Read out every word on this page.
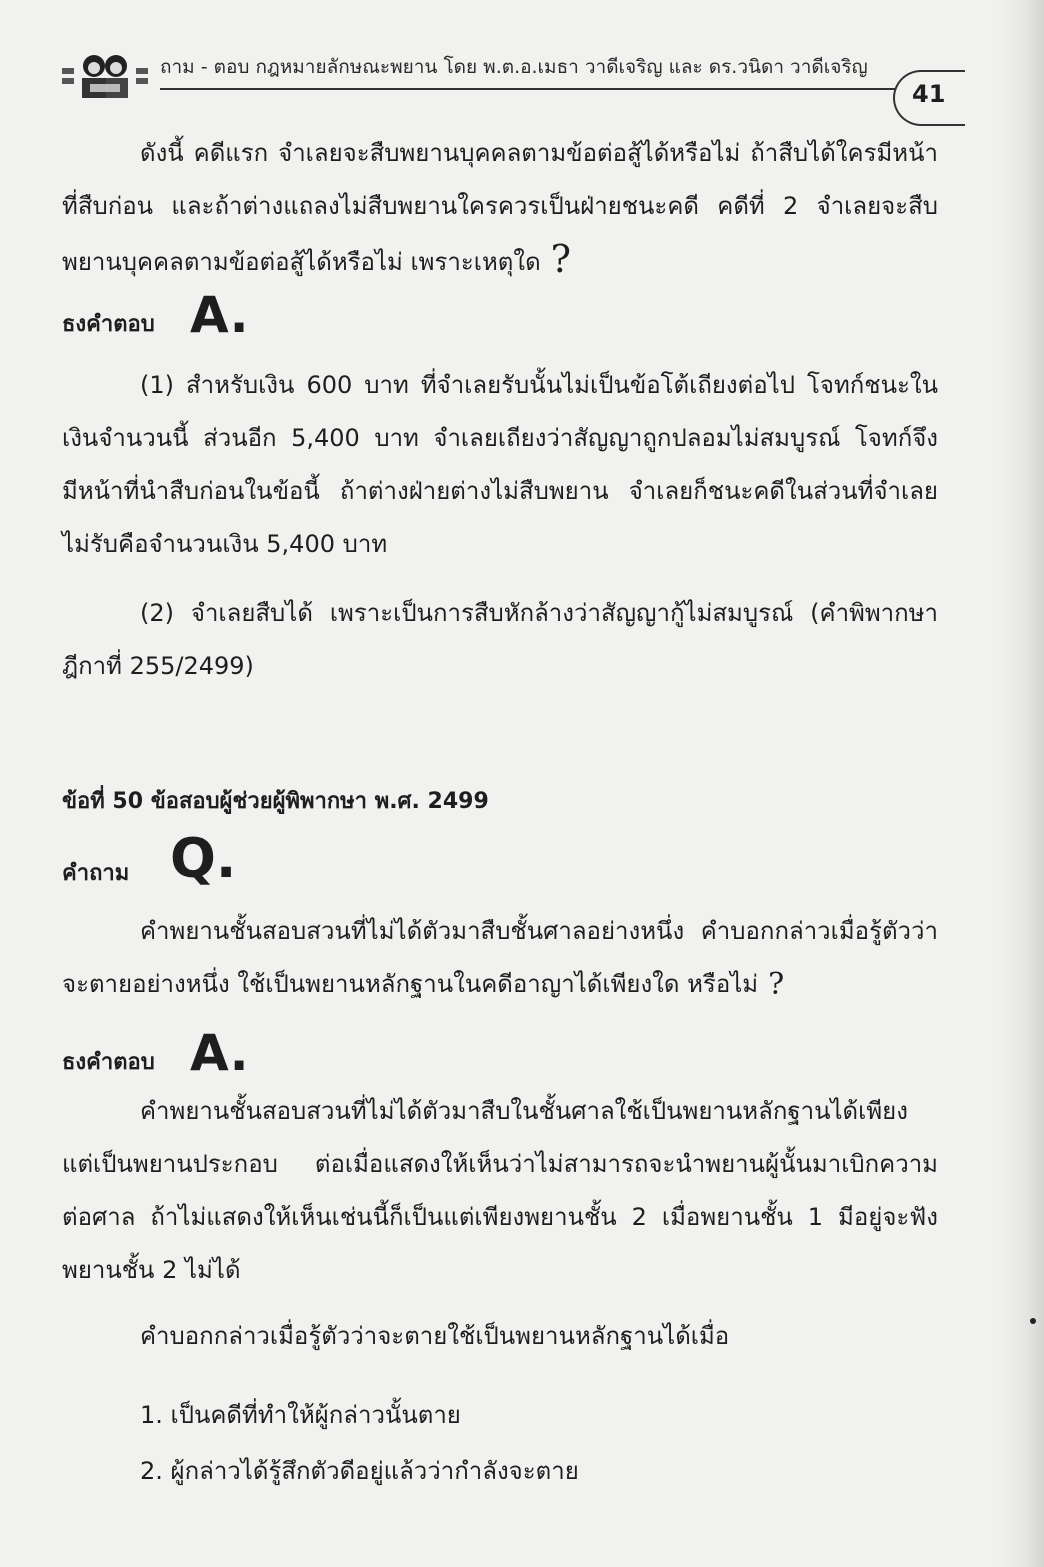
ถาม - ตอบ กฎหมายลักษณะพยาน โดย พ.ต.อ.เมธา วาดีเจริญ และ ดร.วนิดา วาดีเจริญ
41

ดังนี้ คดีแรก จำเลยจะสืบพยานบุคคลตามข้อต่อสู้ได้หรือไม่ ถ้าสืบได้ใครมีหน้าที่สืบก่อน และถ้าต่างแถลงไม่สืบพยานใครควรเป็นฝ่ายชนะคดี คดีที่ 2 จำเลยจะสืบพยานบุคคลตามข้อต่อสู้ได้หรือไม่ เพราะเหตุใด ?

ธงคำตอบ A.

(1) สำหรับเงิน 600 บาท ที่จำเลยรับนั้นไม่เป็นข้อโต้เถียงต่อไป โจทก์ชนะในเงินจำนวนนี้ ส่วนอีก 5,400 บาท จำเลยเถียงว่าสัญญาถูกปลอมไม่สมบูรณ์ โจทก์จึงมีหน้าที่นำสืบก่อนในข้อนี้ ถ้าต่างฝ่ายต่างไม่สืบพยาน จำเลยก็ชนะคดีในส่วนที่จำเลยไม่รับคือจำนวนเงิน 5,400 บาท

(2) จำเลยสืบได้ เพราะเป็นการสืบหักล้างว่าสัญญากู้ไม่สมบูรณ์ (คำพิพากษาฎีกาที่ 255/2499)

ข้อที่ 50 ข้อสอบผู้ช่วยผู้พิพากษา พ.ศ. 2499
คำถาม Q.

คำพยานชั้นสอบสวนที่ไม่ได้ตัวมาสืบชั้นศาลอย่างหนึ่ง คำบอกกล่าวเมื่อรู้ตัวว่าจะตายอย่างหนึ่ง ใช้เป็นพยานหลักฐานในคดีอาญาได้เพียงใด หรือไม่ ?

ธงคำตอบ A.

คำพยานชั้นสอบสวนที่ไม่ได้ตัวมาสืบในชั้นศาลใช้เป็นพยานหลักฐานได้เพียงแต่เป็นพยานประกอบ ต่อเมื่อแสดงให้เห็นว่าไม่สามารถจะนำพยานผู้นั้นมาเบิกความต่อศาล ถ้าไม่แสดงให้เห็นเช่นนี้ก็เป็นแต่เพียงพยานชั้น 2 เมื่อพยานชั้น 1 มีอยู่จะฟังพยานชั้น 2 ไม่ได้

คำบอกกล่าวเมื่อรู้ตัวว่าจะตายใช้เป็นพยานหลักฐานได้เมื่อ

1. เป็นคดีที่ทำให้ผู้กล่าวนั้นตาย

2. ผู้กล่าวได้รู้สึกตัวดีอยู่แล้วว่ากำลังจะตาย
